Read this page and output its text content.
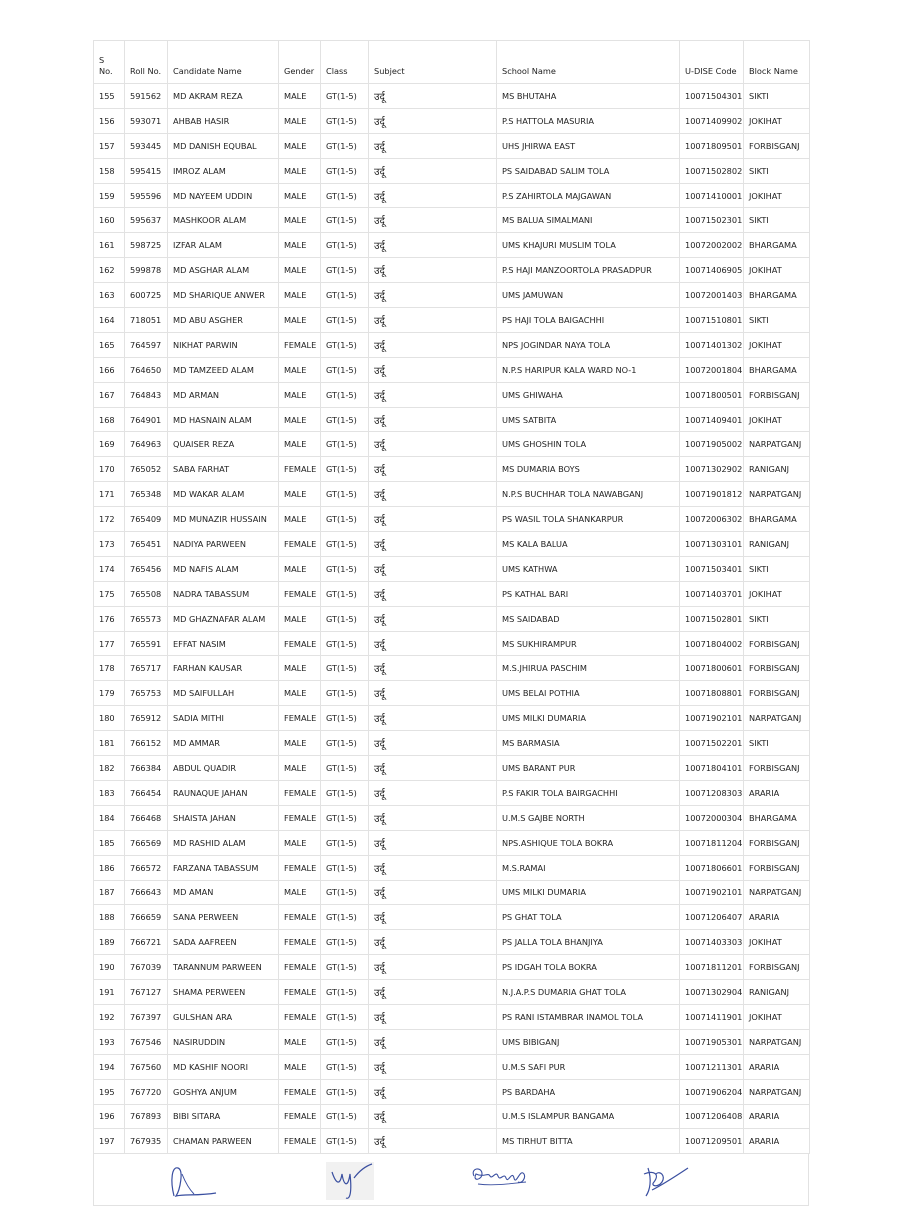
S
No.	Roll No.	Candidate Name	Gender	Class	Subject	School Name	U-DISE Code	Block Name
155	591562	MD AKRAM REZA	MALE	GT(1-5)	उर्दू	MS BHUTAHA	10071504301	SIKTI
156	593071	AHBAB HASIR	MALE	GT(1-5)	उर्दू	P.S HATTOLA MASURIA	10071409902	JOKIHAT
157	593445	MD DANISH EQUBAL	MALE	GT(1-5)	उर्दू	UHS JHIRWA EAST	10071809501	FORBISGANJ
158	595415	IMROZ ALAM	MALE	GT(1-5)	उर्दू	PS SAIDABAD SALIM TOLA	10071502802	SIKTI
159	595596	MD NAYEEM UDDIN	MALE	GT(1-5)	उर्दू	P.S ZAHIRTOLA MAJGAWAN	10071410001	JOKIHAT
160	595637	MASHKOOR ALAM	MALE	GT(1-5)	उर्दू	MS BALUA SIMALMANI	10071502301	SIKTI
161	598725	IZFAR ALAM	MALE	GT(1-5)	उर्दू	UMS KHAJURI MUSLIM TOLA	10072002002	BHARGAMA
162	599878	MD ASGHAR ALAM	MALE	GT(1-5)	उर्दू	P.S HAJI MANZOORTOLA PRASADPUR	10071406905	JOKIHAT
163	600725	MD SHARIQUE ANWER	MALE	GT(1-5)	उर्दू	UMS JAMUWAN	10072001403	BHARGAMA
164	718051	MD ABU ASGHER	MALE	GT(1-5)	उर्दू	PS HAJI TOLA BAIGACHHI	10071510801	SIKTI
165	764597	NIKHAT PARWIN	FEMALE	GT(1-5)	उर्दू	NPS JOGINDAR NAYA TOLA	10071401302	JOKIHAT
166	764650	MD TAMZEED ALAM	MALE	GT(1-5)	उर्दू	N.P.S HARIPUR KALA WARD NO-1	10072001804	BHARGAMA
167	764843	MD ARMAN	MALE	GT(1-5)	उर्दू	UMS GHIWAHA	10071800501	FORBISGANJ
168	764901	MD HASNAIN ALAM	MALE	GT(1-5)	उर्दू	UMS SATBITA	10071409401	JOKIHAT
169	764963	QUAISER REZA	MALE	GT(1-5)	उर्दू	UMS GHOSHIN TOLA	10071905002	NARPATGANJ
170	765052	SABA FARHAT	FEMALE	GT(1-5)	उर्दू	MS DUMARIA BOYS	10071302902	RANIGANJ
171	765348	MD WAKAR ALAM	MALE	GT(1-5)	उर्दू	N.P.S BUCHHAR TOLA NAWABGANJ	10071901812	NARPATGANJ
172	765409	MD MUNAZIR HUSSAIN	MALE	GT(1-5)	उर्दू	PS WASIL TOLA SHANKARPUR	10072006302	BHARGAMA
173	765451	NADIYA PARWEEN	FEMALE	GT(1-5)	उर्दू	MS KALA BALUA	10071303101	RANIGANJ
174	765456	MD NAFIS ALAM	MALE	GT(1-5)	उर्दू	UMS KATHWA	10071503401	SIKTI
175	765508	NADRA TABASSUM	FEMALE	GT(1-5)	उर्दू	PS KATHAL BARI	10071403701	JOKIHAT
176	765573	MD GHAZNAFAR ALAM	MALE	GT(1-5)	उर्दू	MS SAIDABAD	10071502801	SIKTI
177	765591	EFFAT NASIM	FEMALE	GT(1-5)	उर्दू	MS SUKHIRAMPUR	10071804002	FORBISGANJ
178	765717	FARHAN KAUSAR	MALE	GT(1-5)	उर्दू	M.S.JHIRUA PASCHIM	10071800601	FORBISGANJ
179	765753	MD SAIFULLAH	MALE	GT(1-5)	उर्दू	UMS BELAI POTHIA	10071808801	FORBISGANJ
180	765912	SADIA MITHI	FEMALE	GT(1-5)	उर्दू	UMS MILKI DUMARIA	10071902101	NARPATGANJ
181	766152	MD AMMAR	MALE	GT(1-5)	उर्दू	MS BARMASIA	10071502201	SIKTI
182	766384	ABDUL QUADIR	MALE	GT(1-5)	उर्दू	UMS BARANT PUR	10071804101	FORBISGANJ
183	766454	RAUNAQUE JAHAN	FEMALE	GT(1-5)	उर्दू	P.S FAKIR TOLA BAIRGACHHI	10071208303	ARARIA
184	766468	SHAISTA JAHAN	FEMALE	GT(1-5)	उर्दू	U.M.S GAJBE NORTH	10072000304	BHARGAMA
185	766569	MD RASHID ALAM	MALE	GT(1-5)	उर्दू	NPS.ASHIQUE TOLA BOKRA	10071811204	FORBISGANJ
186	766572	FARZANA TABASSUM	FEMALE	GT(1-5)	उर्दू	M.S.RAMAI	10071806601	FORBISGANJ
187	766643	MD AMAN	MALE	GT(1-5)	उर्दू	UMS MILKI DUMARIA	10071902101	NARPATGANJ
188	766659	SANA PERWEEN	FEMALE	GT(1-5)	उर्दू	PS GHAT TOLA	10071206407	ARARIA
189	766721	SADA AAFREEN	FEMALE	GT(1-5)	उर्दू	PS JALLA TOLA BHANJIYA	10071403303	JOKIHAT
190	767039	TARANNUM PARWEEN	FEMALE	GT(1-5)	उर्दू	PS IDGAH TOLA BOKRA	10071811201	FORBISGANJ
191	767127	SHAMA PERWEEN	FEMALE	GT(1-5)	उर्दू	N.J.A.P.S DUMARIA GHAT TOLA	10071302904	RANIGANJ
192	767397	GULSHAN ARA	FEMALE	GT(1-5)	उर्दू	PS RANI ISTAMBRAR INAMOL TOLA	10071411901	JOKIHAT
193	767546	NASIRUDDIN	MALE	GT(1-5)	उर्दू	UMS BIBIGANJ	10071905301	NARPATGANJ
194	767560	MD KASHIF NOORI	MALE	GT(1-5)	उर्दू	U.M.S SAFI PUR	10071211301	ARARIA
195	767720	GOSHYA ANJUM	FEMALE	GT(1-5)	उर्दू	PS BARDAHA	10071906204	NARPATGANJ
196	767893	BIBI SITARA	FEMALE	GT(1-5)	उर्दू	U.M.S ISLAMPUR BANGAMA	10071206408	ARARIA
197	767935	CHAMAN PARWEEN	FEMALE	GT(1-5)	उर्दू	MS TIRHUT BITTA	10071209501	ARARIA
